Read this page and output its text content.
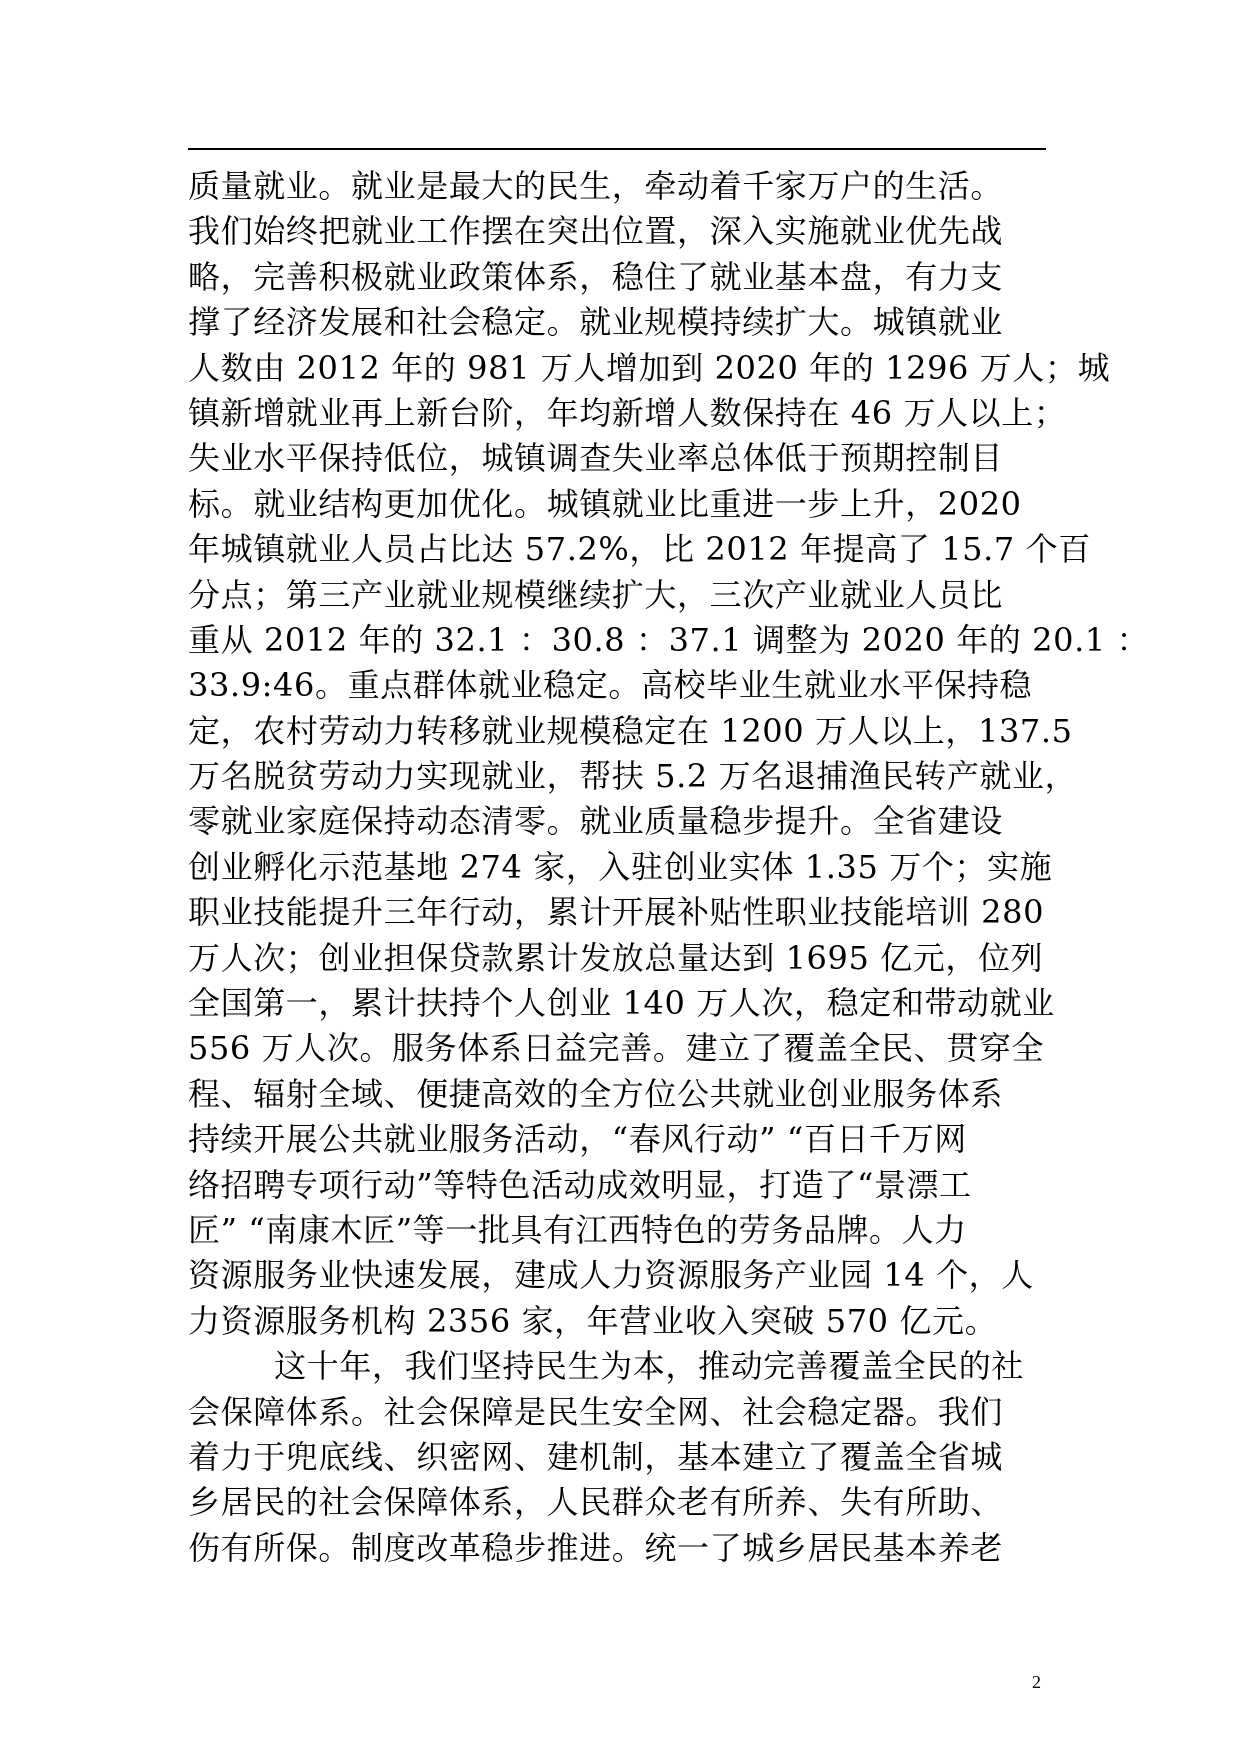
质量就业。就业是最大的民生，牵动着千家万户的生活。
我们始终把就业工作摆在突出位置，深入实施就业优先战
略，完善积极就业政策体系，稳住了就业基本盘，有力支
撑了经济发展和社会稳定。就业规模持续扩大。城镇就业
人数由 2012 年的 981 万人增加到 2020 年的 1296 万人；城
镇新增就业再上新台阶，年均新增人数保持在 46 万人以上；
失业水平保持低位，城镇调查失业率总体低于预期控制目
标。就业结构更加优化。城镇就业比重进一步上升，2020
年城镇就业人员占比达 57.2%，比 2012 年提高了 15.7 个百
分点；第三产业就业规模继续扩大，三次产业就业人员比
重从 2012 年的 32.1 ：30.8 ：37.1 调整为 2020 年的 20.1 ：
33.9:46。重点群体就业稳定。高校毕业生就业水平保持稳
定，农村劳动力转移就业规模稳定在 1200 万人以上，137.5
万名脱贫劳动力实现就业，帮扶 5.2 万名退捕渔民转产就业，
零就业家庭保持动态清零。就业质量稳步提升。全省建设
创业孵化示范基地 274 家，入驻创业实体 1.35 万个；实施
职业技能提升三年行动，累计开展补贴性职业技能培训 280
万人次；创业担保贷款累计发放总量达到 1695 亿元，位列
全国第一，累计扶持个人创业 140 万人次，稳定和带动就业
556 万人次。服务体系日益完善。建立了覆盖全民、贯穿全
程、辐射全域、便捷高效的全方位公共就业创业服务体系
持续开展公共就业服务活动，“春风行动” “百日千万网
络招聘专项行动”等特色活动成效明显，打造了“景漂工
匠” “南康木匠”等一批具有江西特色的劳务品牌。人力
资源服务业快速发展，建成人力资源服务产业园 14 个，人
力资源服务机构 2356 家，年营业收入突破 570 亿元。
这十年，我们坚持民生为本，推动完善覆盖全民的社
会保障体系。社会保障是民生安全网、社会稳定器。我们
着力于兜底线、织密网、建机制，基本建立了覆盖全省城
乡居民的社会保障体系，人民群众老有所养、失有所助、
伤有所保。制度改革稳步推进。统一了城乡居民基本养老
2
